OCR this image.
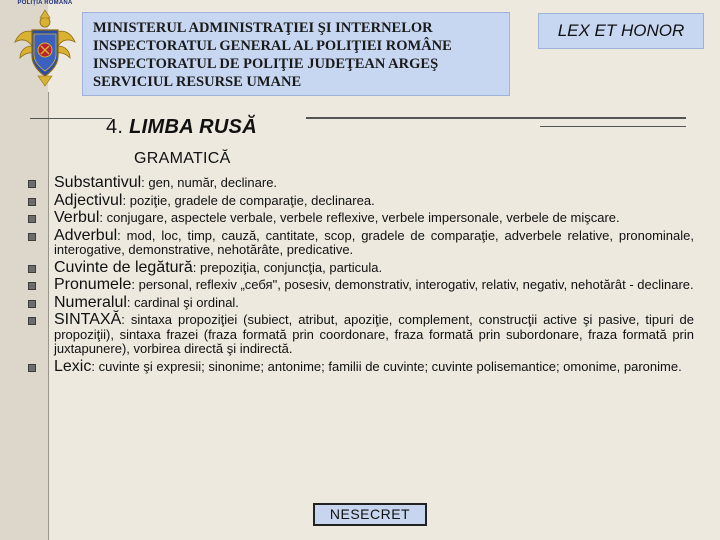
POLIȚIA ROMÂNĂ
MINISTERUL ADMINISTRAŢIEI ŞI INTERNELOR
INSPECTORATUL GENERAL AL POLIŢIEI ROMÂNE
INSPECTORATUL DE POLIŢIE JUDEŢEAN ARGEŞ
SERVICIUL RESURSE UMANE
LEX ET HONOR
4. LIMBA RUSĂ
GRAMATICĂ
Substantivul: gen, număr, declinare.
Adjectivul: poziţie, gradele de comparaţie, declinarea.
Verbul: conjugare, aspectele verbale, verbele reflexive, verbele impersonale, verbele de mişcare.
Adverbul: mod, loc, timp, cauză, cantitate, scop, gradele de comparaţie, adverbele relative, pronominale, interogative, demonstrative, nehotărâte, predicative.
Cuvinte de legătură: prepoziţia, conjuncţia, particula.
Pronumele: personal, reflexiv „себя", posesiv, demonstrativ, interogativ, relativ, negativ, nehotărât - declinare.
Numeralul: cardinal şi ordinal.
SINTAXĂ: sintaxa propoziţiei (subiect, atribut, apoziţie, complement, construcţii active şi pasive, tipuri de propoziţii), sintaxa frazei (fraza formată prin coordonare, fraza formată prin subordonare, fraza formată prin juxtapunere), vorbirea directă şi indirectă.
Lexic: cuvinte şi expresii; sinonime; antonime; familii de cuvinte; cuvinte polisemantice; omonime, paronime.
NESECRET
